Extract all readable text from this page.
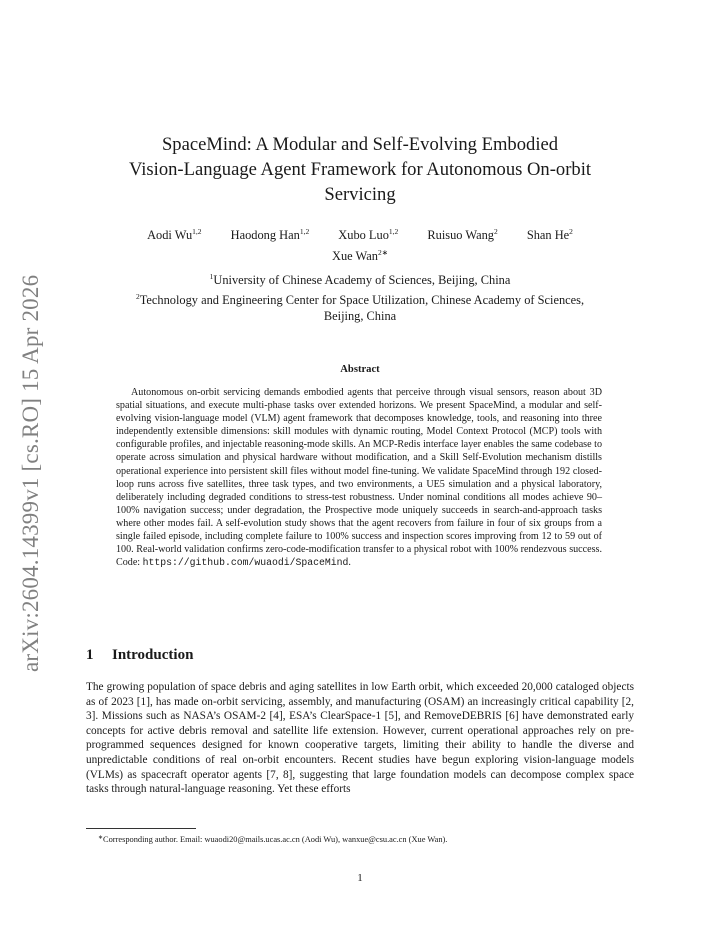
arXiv:2604.14399v1 [cs.RO] 15 Apr 2026
SpaceMind: A Modular and Self-Evolving Embodied
Vision-Language Agent Framework for Autonomous On-orbit
Servicing
Aodi Wu$^{1,2}$ Haodong Han$^{1,2}$ Xubo Luo$^{1,2}$ Ruisuo Wang$^2$ Shan He$^2$
Xue Wan$^{2∗}$
$^1$University of Chinese Academy of Sciences, Beijing, China
$^2$Technology and Engineering Center for Space Utilization, Chinese Academy of Sciences,
Beijing, China
Abstract

Autonomous on-orbit servicing demands embodied agents that perceive through visual sensors, reason about 3D spatial situations, and execute multi-phase tasks over extended horizons. We present SpaceMind, a modular and self-evolving vision-language model (VLM) agent framework that decomposes knowledge, tools, and reasoning into three independently extensible dimensions: skill modules with dynamic routing, Model Context Protocol (MCP) tools with configurable profiles, and injectable reasoning-mode skills. An MCP-Redis interface layer enables the same codebase to operate across simulation and physical hardware without modification, and a Skill Self-Evolution mechanism distills operational experience into persistent skill files without model fine-tuning. We validate SpaceMind through 192 closed-loop runs across five satellites, three task types, and two environments, a UE5 simulation and a physical laboratory, deliberately including degraded conditions to stress-test robustness. Under nominal conditions all modes achieve 90–100% navigation success; under degradation, the Prospective mode uniquely succeeds in search-and-approach tasks where other modes fail. A self-evolution study shows that the agent recovers from failure in four of six groups from a single failed episode, including complete failure to 100% success and inspection scores improving from 12 to 59 out of 100. Real-world validation confirms zero-code-modification transfer to a physical robot with 100% rendezvous success. Code: https://github.com/wuaodi/SpaceMind.

1 Introduction

The growing population of space debris and aging satellites in low Earth orbit, which exceeded 20,000 cataloged objects as of 2023 [1], has made on-orbit servicing, assembly, and manufacturing (OSAM) an increasingly critical capability [2, 3]. Missions such as NASA’s OSAM-2 [4], ESA’s ClearSpace-1 [5], and RemoveDEBRIS [6] have demonstrated early concepts for active debris removal and satellite life extension. However, current operational approaches rely on pre-programmed sequences designed for known cooperative targets, limiting their ability to handle the diverse and unpredictable conditions of real on-orbit encounters. Recent studies have begun exploring vision-language models (VLMs) as spacecraft operator agents [7, 8], suggesting that large foundation models can decompose complex space tasks through natural-language reasoning. Yet these efforts

∗Corresponding author. Email: wuaodi20@mails.ucas.ac.cn (Aodi Wu), wanxue@csu.ac.cn (Xue Wan).
1
